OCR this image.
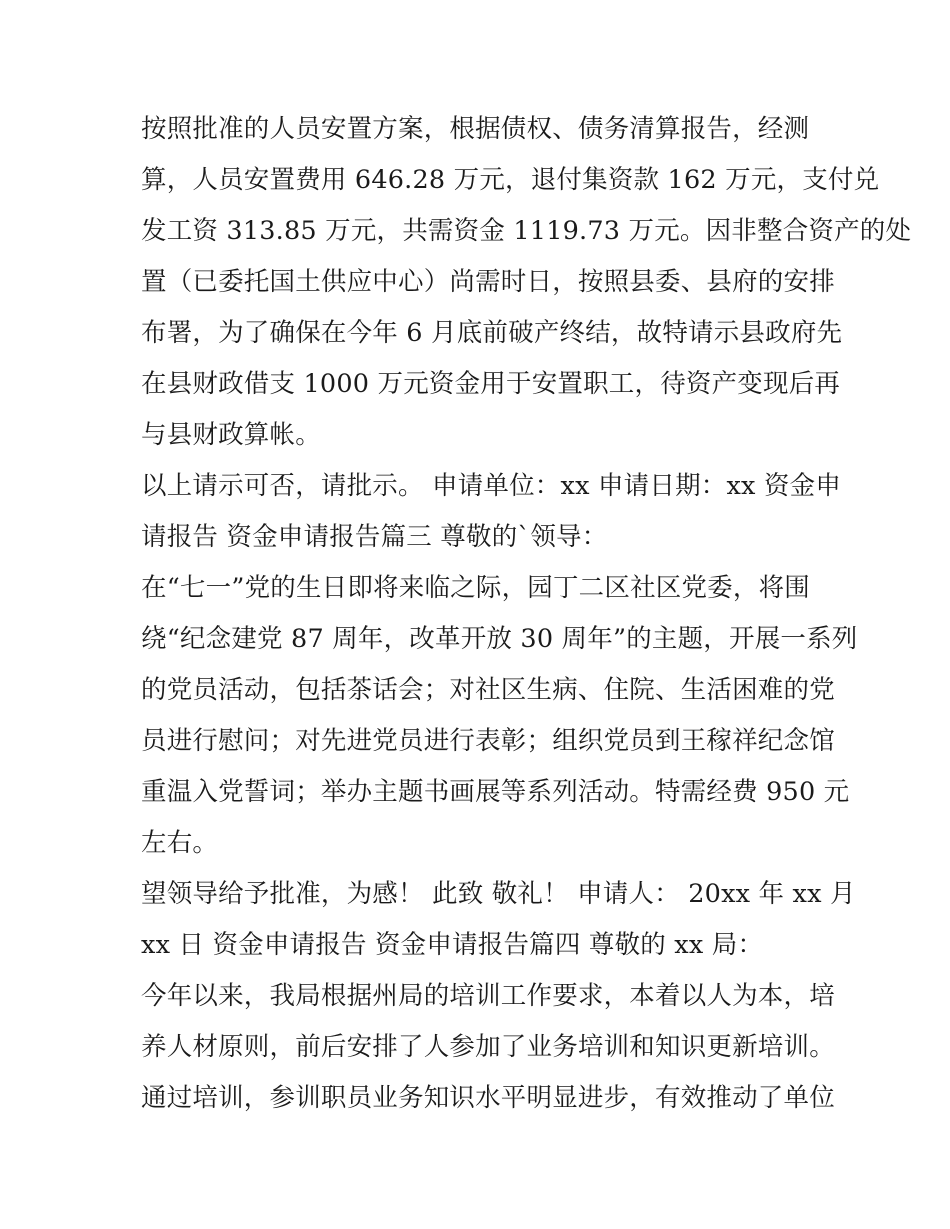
按照批准的人员安置方案，根据债权、债务清算报告，经测
算，人员安置费用 646.28 万元，退付集资款 162 万元，支付兑
发工资 313.85 万元，共需资金 1119.73 万元。因非整合资产的处
置（已委托国土供应中心）尚需时日，按照县委、县府的安排
布署，为了确保在今年 6 月底前破产终结，故特请示县政府先
在县财政借支 1000 万元资金用于安置职工，待资产变现后再
与县财政算帐。
以上请示可否，请批示。 申请单位：xx 申请日期：xx 资金申
请报告 资金申请报告篇三 尊敬的`领导：
在“七一”党的生日即将来临之际，园丁二区社区党委，将围
绕“纪念建党 87 周年，改革开放 30 周年”的主题，开展一系列
的党员活动，包括茶话会；对社区生病、住院、生活困难的党
员进行慰问；对先进党员进行表彰；组织党员到王稼祥纪念馆
重温入党誓词；举办主题书画展等系列活动。特需经费 950 元
左右。
望领导给予批准，为感！ 此致 敬礼！ 申请人： 20xx 年 xx 月
xx 日 资金申请报告 资金申请报告篇四 尊敬的 xx 局：
今年以来，我局根据州局的培训工作要求，本着以人为本，培
养人材原则，前后安排了人参加了业务培训和知识更新培训。
通过培训，参训职员业务知识水平明显进步，有效推动了单位
